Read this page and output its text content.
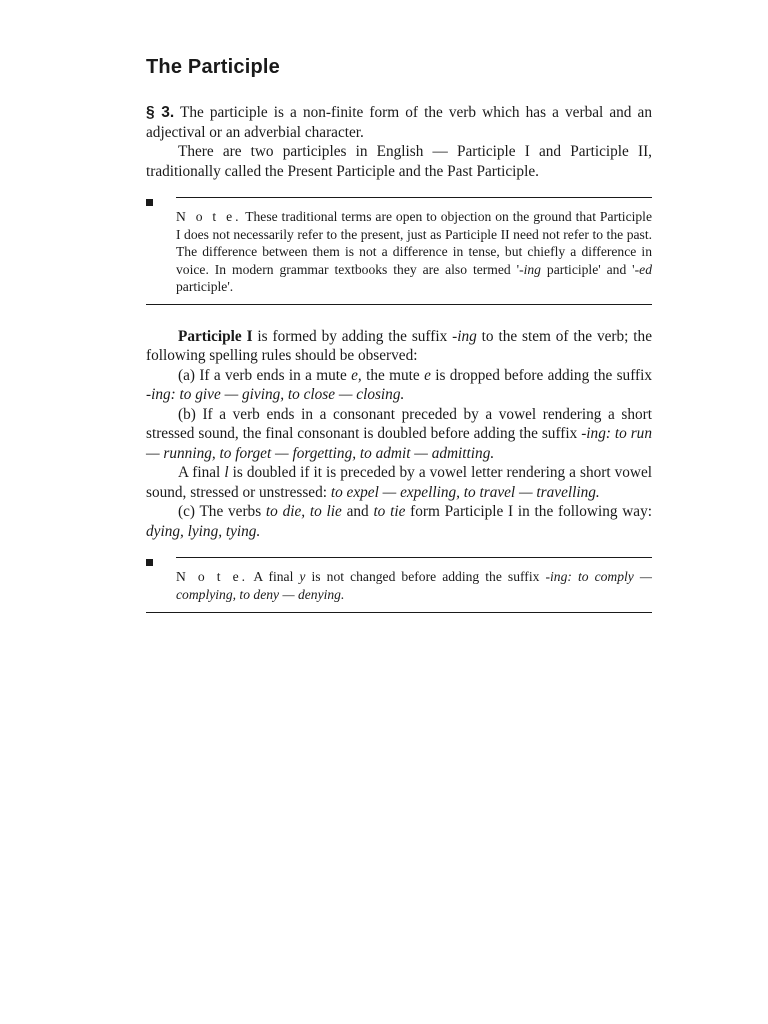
The Participle

§ 3. The participle is a non-finite form of the verb which has a verbal and an adjectival or an adverbial character.

There are two participles in English — Participle I and Participle II, traditionally called the Present Participle and the Past Participle.

N o t e. These traditional terms are open to objection on the ground that Participle I does not necessarily refer to the present, just as Participle II need not refer to the past. The difference between them is not a difference in tense, but chiefly a difference in voice. In modern grammar textbooks they are also termed '-ing participle' and '-ed participle'.

Participle I is formed by adding the suffix -ing to the stem of the verb; the following spelling rules should be observed:

(a) If a verb ends in a mute e, the mute e is dropped before adding the suffix -ing: to give — giving, to close — closing.

(b) If a verb ends in a consonant preceded by a vowel rendering a short stressed sound, the final consonant is doubled before adding the suffix -ing: to run — running, to forget — forgetting, to admit — admitting.

A final l is doubled if it is preceded by a vowel letter rendering a short vowel sound, stressed or unstressed: to expel — expelling, to travel — travelling.

(c) The verbs to die, to lie and to tie form Participle I in the following way: dying, lying, tying.

N o t e. A final y is not changed before adding the suffix -ing: to comply — complying, to deny — denying.
